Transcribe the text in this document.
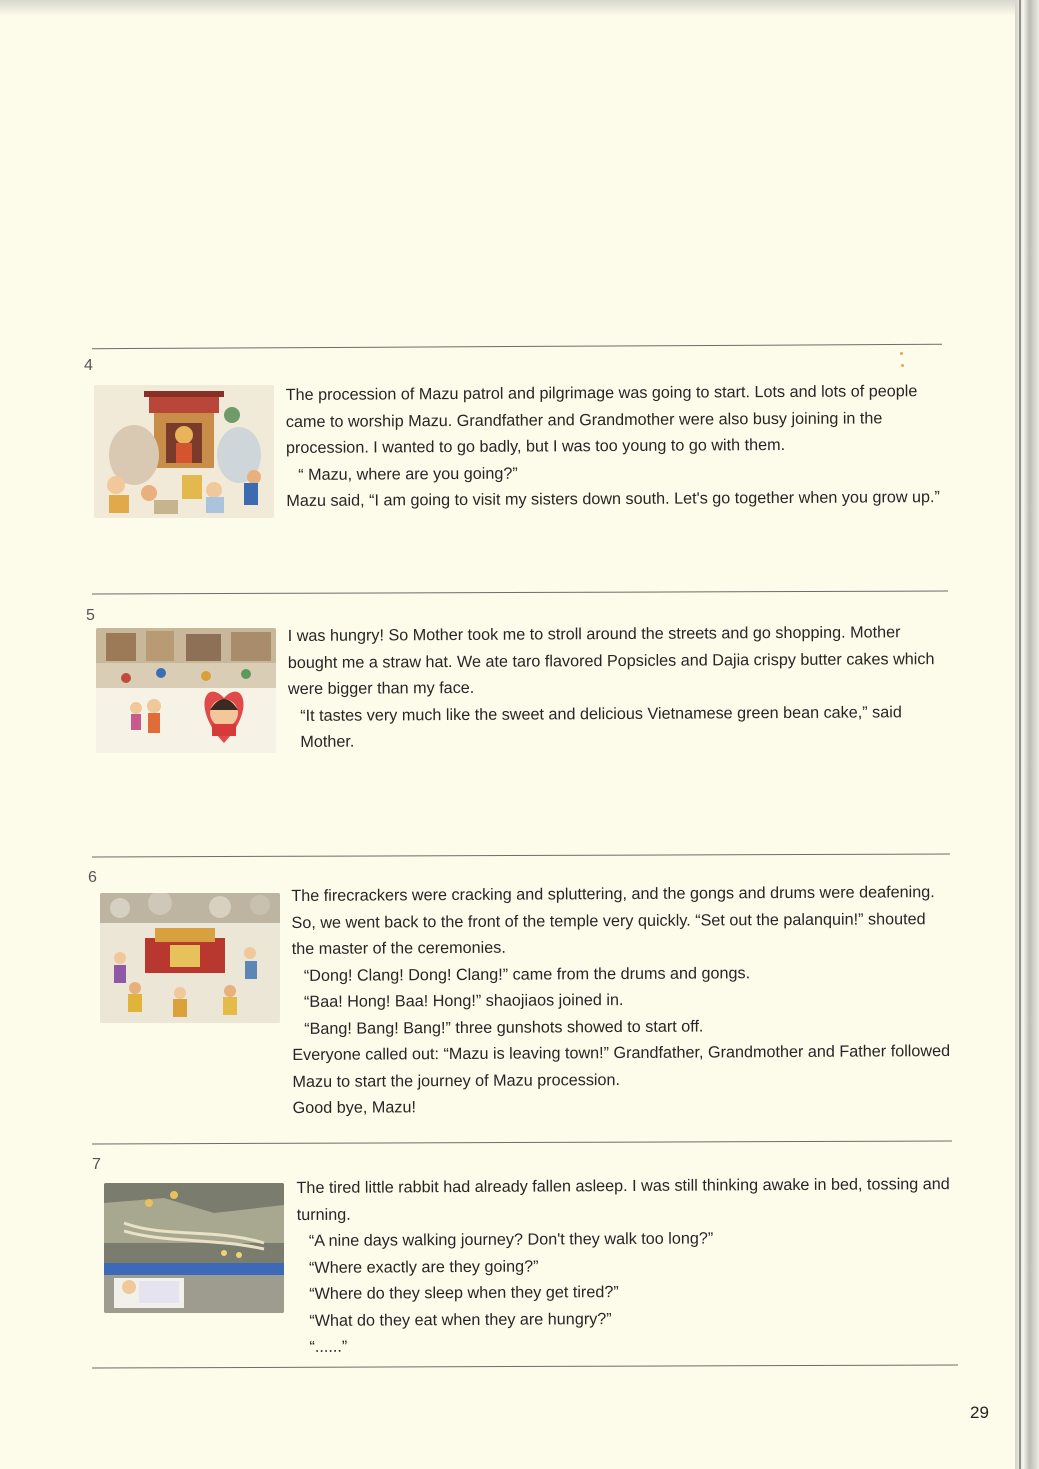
4

The procession of Mazu patrol and pilgrimage was going to start. Lots and lots of people came to worship Mazu. Grandfather and Grandmother were also busy joining in the procession. I wanted to go badly, but I was too young to go with them.

“ Mazu, where are you going?”

Mazu said, “I am going to visit my sisters down south. Let's go together when you grow up.”

5

I was hungry! So Mother took me to stroll around the streets and go shopping. Mother bought me a straw hat. We ate taro flavored Popsicles and Dajia crispy butter cakes which were bigger than my face.

“It tastes very much like the sweet and delicious Vietnamese green bean cake,” said Mother.

6

The firecrackers were cracking and spluttering, and the gongs and drums were deafening. So, we went back to the front of the temple very quickly. “Set out the palanquin!” shouted the master of the ceremonies.

“Dong! Clang! Dong! Clang!” came from the drums and gongs.

“Baa! Hong! Baa! Hong!” shaojiaos joined in.

“Bang! Bang! Bang!” three gunshots showed to start off.

Everyone called out: “Mazu is leaving town!” Grandfather, Grandmother and Father followed Mazu to start the journey of Mazu procession.

Good bye, Mazu!

7

The tired little rabbit had already fallen asleep. I was still thinking awake in bed, tossing and turning.

“A nine days walking journey? Don't they walk too long?”

“Where exactly are they going?”

“Where do they sleep when they get tired?”

“What do they eat when they are hungry?”

“......”

29
